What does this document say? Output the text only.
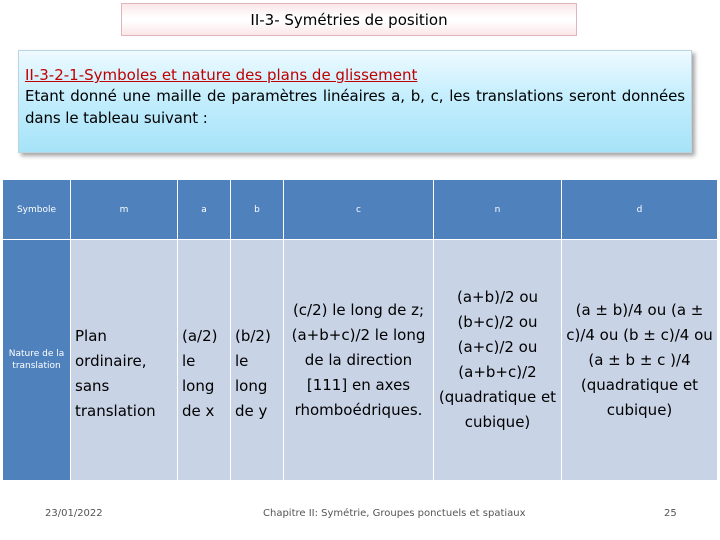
II-3- Symétries de position
II-3-2-1-Symboles et nature des plans de glissement
Etant donné une maille de paramètres linéaires a, b, c, les translations seront données dans le tableau suivant :
Symbole	m	a	b	c	n	d
Nature de la translation	Plan ordinaire, sans translation	(a/2) le long de x	(b/2) le long de y	(c/2) le long de z; (a+b+c)/2 le long de la direction [111] en axes rhomboédriques.	(a+b)/2 ou (b+c)/2 ou (a+c)/2 ou (a+b+c)/2 (quadratique et cubique)	(a ± b)/4 ou (a ± c)/4 ou (b ± c)/4 ou (a ± b ± c )/4 (quadratique et cubique)
23/01/2022	Chapitre II: Symétrie, Groupes ponctuels et spatiaux	25
